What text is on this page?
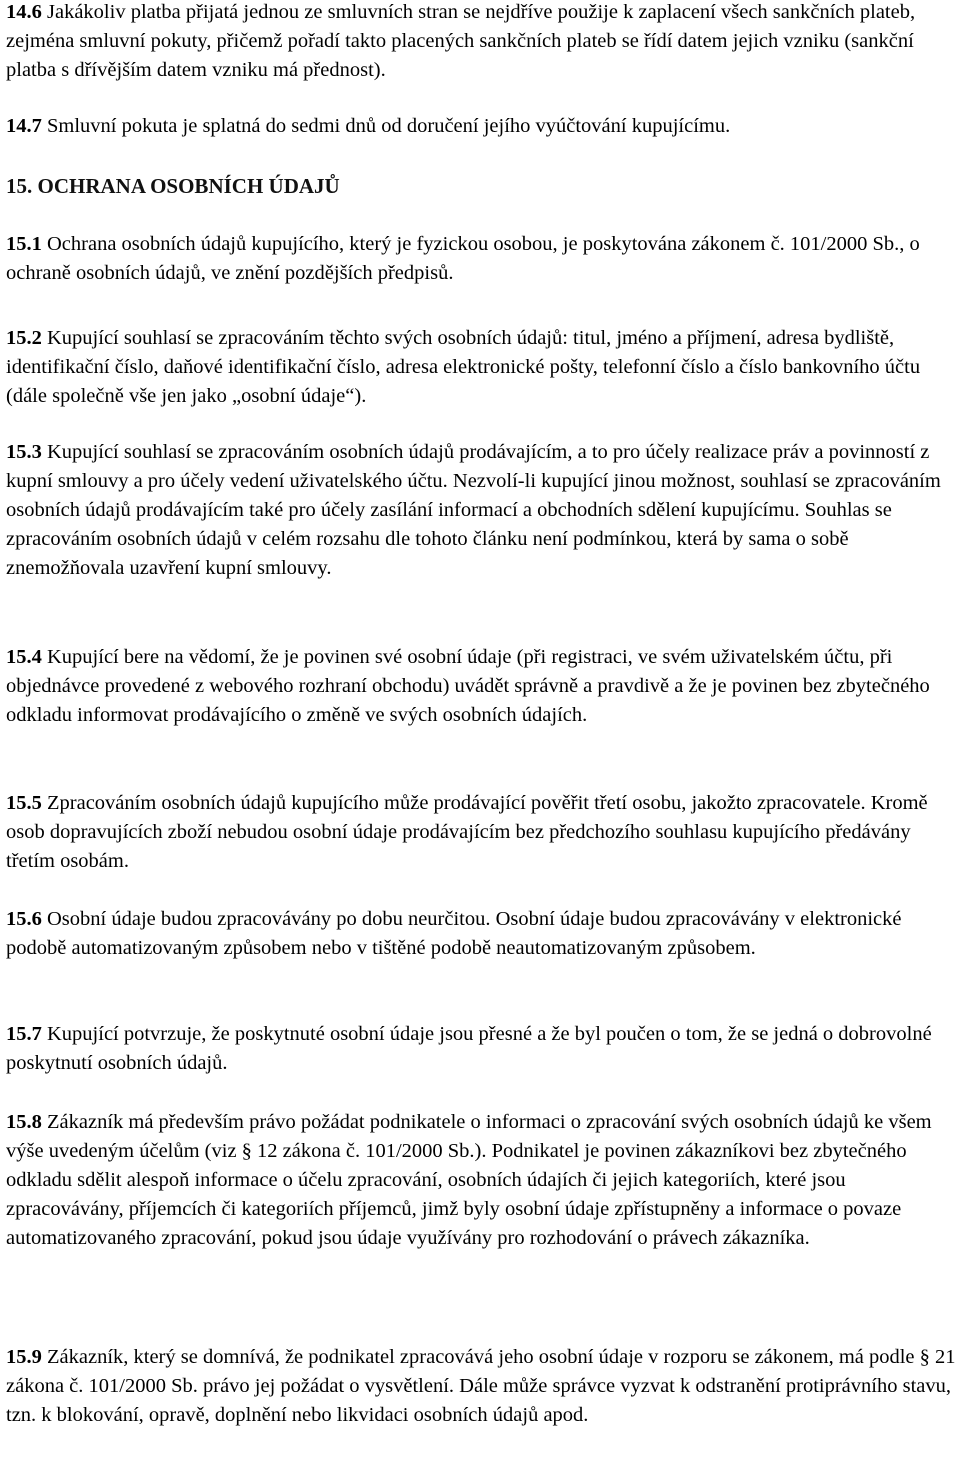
14.6 Jakákoliv platba přijatá jednou ze smluvních stran se nejdříve použije k zaplacení všech sankčních plateb, zejména smluvní pokuty, přičemž pořadí takto placených sankčních plateb se řídí datem jejich vzniku (sankční platba s dřívějším datem vzniku má přednost).

14.7 Smluvní pokuta je splatná do sedmi dnů od doručení jejího vyúčtování kupujícímu.

15. OCHRANA OSOBNÍCH ÚDAJŮ

15.1 Ochrana osobních údajů kupujícího, který je fyzickou osobou, je poskytována zákonem č. 101/2000 Sb., o ochraně osobních údajů, ve znění pozdějších předpisů.

15.2 Kupující souhlasí se zpracováním těchto svých osobních údajů: titul, jméno a příjmení, adresa bydliště, identifikační číslo, daňové identifikační číslo, adresa elektronické pošty, telefonní číslo a číslo bankovního účtu (dále společně vše jen jako „osobní údaje“).

15.3 Kupující souhlasí se zpracováním osobních údajů prodávajícím, a to pro účely realizace práv a povinností z kupní smlouvy a pro účely vedení uživatelského účtu. Nezvolí-li kupující jinou možnost, souhlasí se zpracováním osobních údajů prodávajícím také pro účely zasílání informací a obchodních sdělení kupujícímu. Souhlas se zpracováním osobních údajů v celém rozsahu dle tohoto článku není podmínkou, která by sama o sobě znemožňovala uzavření kupní smlouvy.

15.4 Kupující bere na vědomí, že je povinen své osobní údaje (při registraci, ve svém uživatelském účtu, při objednávce provedené z webového rozhraní obchodu) uvádět správně a pravdivě a že je povinen bez zbytečného odkladu informovat prodávajícího o změně ve svých osobních údajích.

15.5 Zpracováním osobních údajů kupujícího může prodávající pověřit třetí osobu, jakožto zpracovatele. Kromě osob dopravujících zboží nebudou osobní údaje prodávajícím bez předchozího souhlasu kupujícího předávány třetím osobám.

15.6 Osobní údaje budou zpracovávány po dobu neurčitou. Osobní údaje budou zpracovávány v elektronické podobě automatizovaným způsobem nebo v tištěné podobě neautomatizovaným způsobem.

15.7 Kupující potvrzuje, že poskytnuté osobní údaje jsou přesné a že byl poučen o tom, že se jedná o dobrovolné poskytnutí osobních údajů.

15.8 Zákazník má především právo požádat podnikatele o informaci o zpracování svých osobních údajů ke všem výše uvedeným účelům (viz § 12 zákona č. 101/2000 Sb.). Podnikatel je povinen zákazníkovi bez zbytečného odkladu sdělit alespoň informace o účelu zpracování, osobních údajích či jejich kategoriích, které jsou zpracovávány, příjemcích či kategoriích příjemců, jimž byly osobní údaje zpřístupněny a informace o povaze automatizovaného zpracování, pokud jsou údaje využívány pro rozhodování o právech zákazníka.

15.9 Zákazník, který se domnívá, že podnikatel zpracovává jeho osobní údaje v rozporu se zákonem, má podle § 21 zákona č. 101/2000 Sb. právo jej požádat o vysvětlení. Dále může správce vyzvat k odstranění protiprávního stavu, tzn. k blokování, opravě, doplnění nebo likvidaci osobních údajů apod.
